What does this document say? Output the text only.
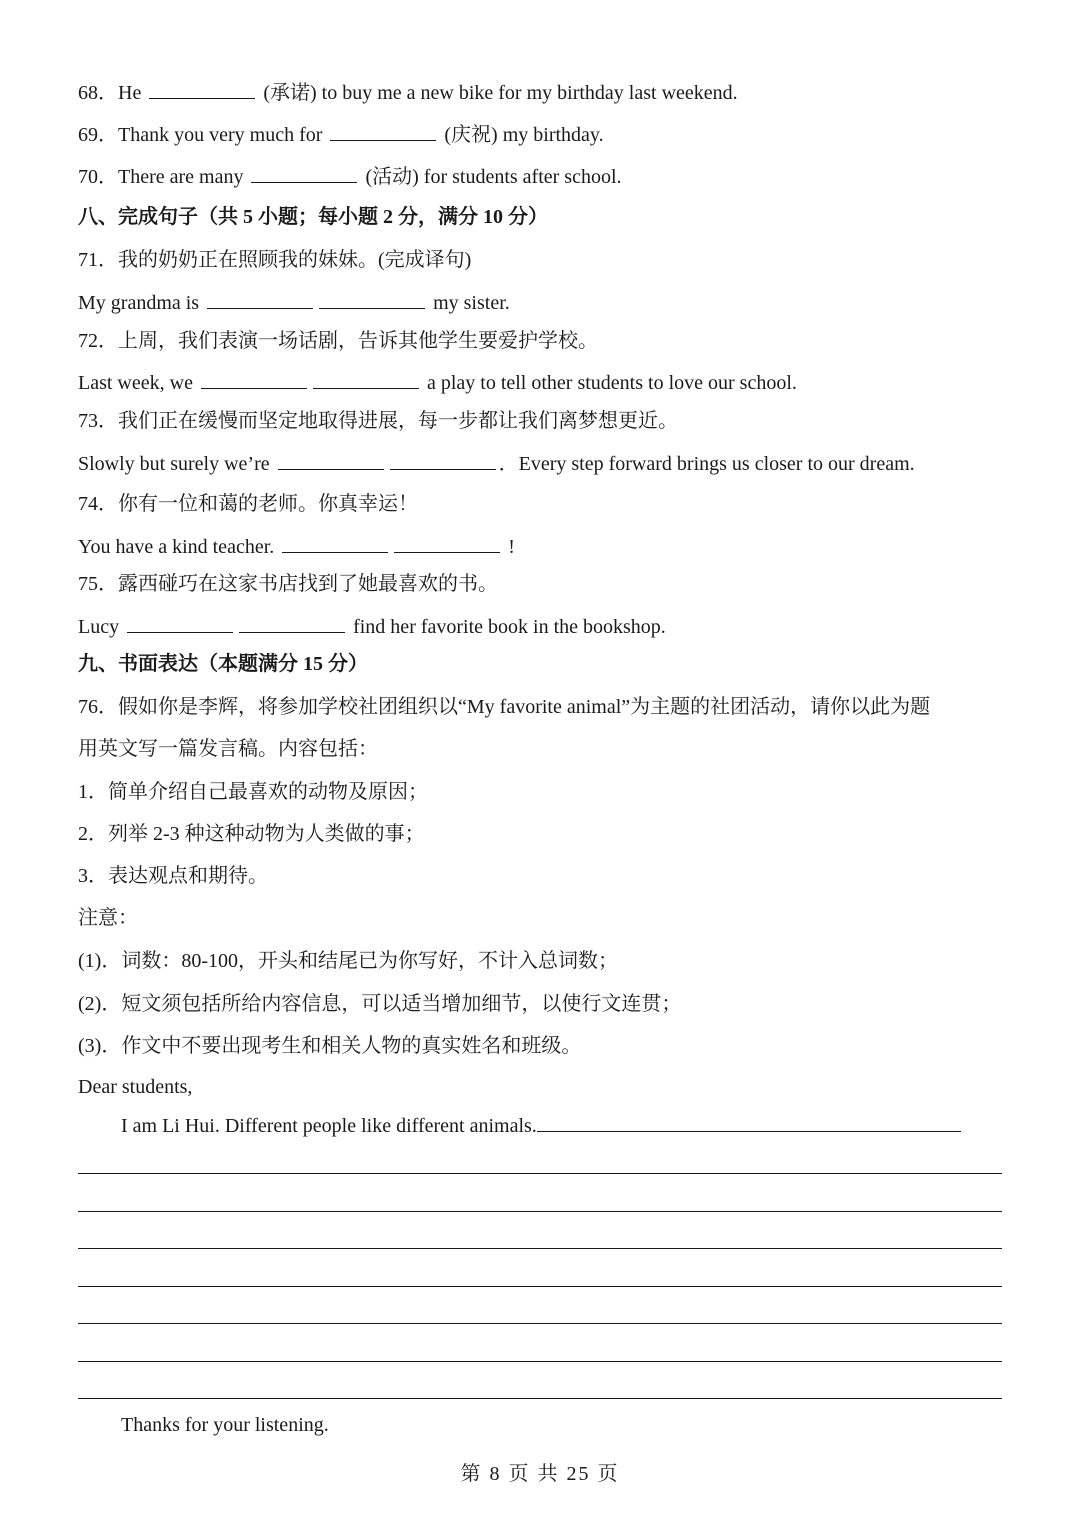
68．He	(承诺) to buy me a new bike for my birthday last weekend.
69．Thank you very much for	(庆祝) my birthday.
70．There are many	(活动) for students after school.
八、完成句子（共 5 小题；每小题 2 分，满分 10 分）
71．我的奶奶正在照顾我的妹妹。(完成译句)
My grandma is	my sister.
72．上周，我们表演一场话剧，告诉其他学生要爱护学校。
Last week, we	a play to tell other students to love our school.
73．我们正在缓慢而坚定地取得进展，每一步都让我们离梦想更近。
Slowly but surely we’re	．Every step forward brings us closer to our dream.
74．你有一位和蔼的老师。你真幸运！
You have a kind teacher.	!
75．露西碰巧在这家书店找到了她最喜欢的书。
Lucy	find her favorite book in the bookshop.
九、书面表达（本题满分 15 分）
76．假如你是李辉，将参加学校社团组织以“My favorite animal”为主题的社团活动，请你以此为题
用英文写一篇发言稿。内容包括：
1．简单介绍自己最喜欢的动物及原因；
2．列举 2-3 种这种动物为人类做的事；
3．表达观点和期待。
注意：
(1)．词数：80-100，开头和结尾已为你写好，不计入总词数；
(2)．短文须包括所给内容信息，可以适当增加细节，以使行文连贯；
(3)．作文中不要出现考生和相关人物的真实姓名和班级。
Dear students,
I am Li Hui. Different people like different animals.
Thanks for your listening.
第 8 页 共 25 页
